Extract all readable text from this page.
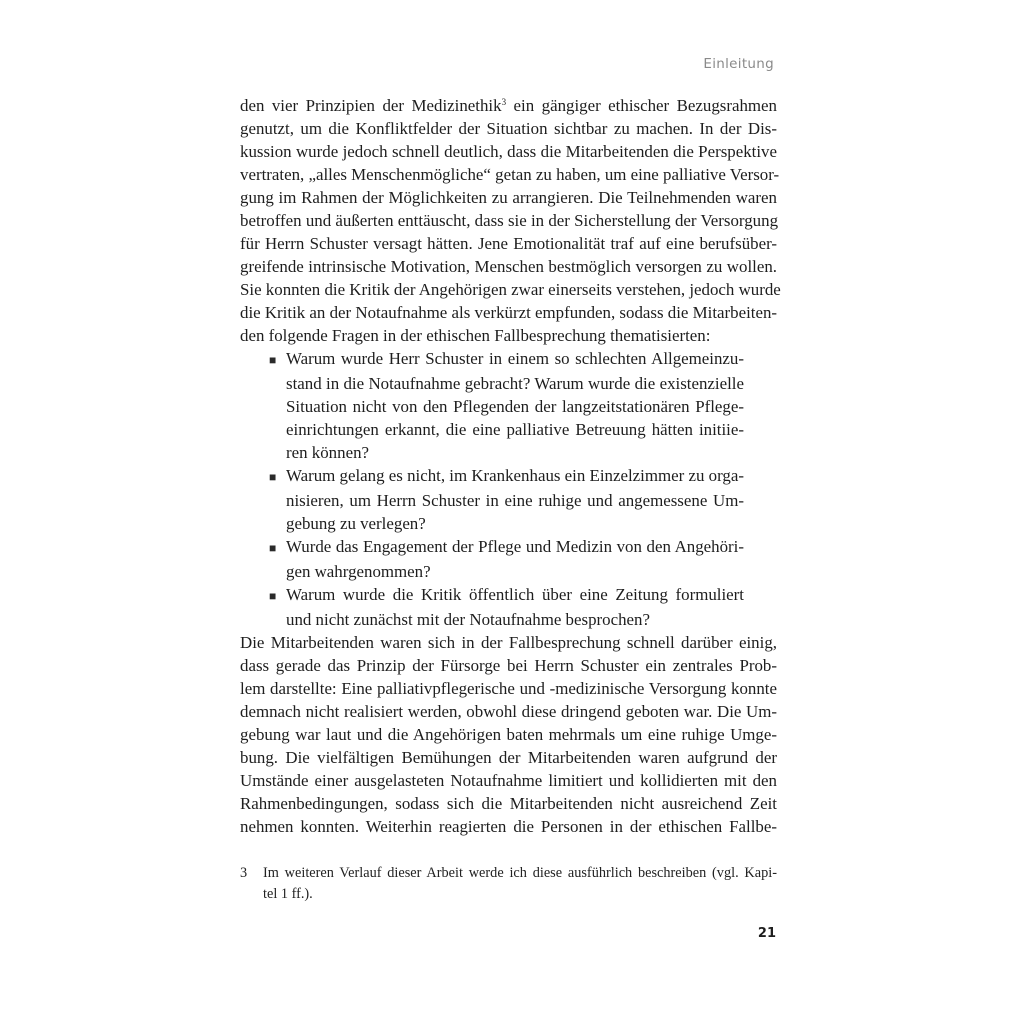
Einleitung
den vier Prinzipien der Medizinethik$^3$ ein gängiger ethischer Bezugsrahmen
genutzt, um die Konfliktfelder der Situation sichtbar zu machen. In der Dis-
kussion wurde jedoch schnell deutlich, dass die Mitarbeitenden die Perspektive
vertraten, „alles Menschenmögliche“ getan zu haben, um eine palliative Versor-
gung im Rahmen der Möglichkeiten zu arrangieren. Die Teilnehmenden waren
betroffen und äußerten enttäuscht, dass sie in der Sicherstellung der Versorgung
für Herrn Schuster versagt hätten. Jene Emotionalität traf auf eine berufsüber-
greifende intrinsische Motivation, Menschen bestmöglich versorgen zu wollen.
Sie konnten die Kritik der Angehörigen zwar einerseits verstehen, jedoch wurde
die Kritik an der Notaufnahme als verkürzt empfunden, sodass die Mitarbeiten-
den folgende Fragen in der ethischen Fallbesprechung thematisierten:
■ Warum wurde Herr Schuster in einem so schlechten Allgemeinzu-
stand in die Notaufnahme gebracht? Warum wurde die existenzielle
Situation nicht von den Pflegenden der langzeitstationären Pflege-
einrichtungen erkannt, die eine palliative Betreuung hätten initiie-
ren können?
■ Warum gelang es nicht, im Krankenhaus ein Einzelzimmer zu orga-
nisieren, um Herrn Schuster in eine ruhige und angemessene Um-
gebung zu verlegen?
■ Wurde das Engagement der Pflege und Medizin von den Angehöri-
gen wahrgenommen?
■ Warum wurde die Kritik öffentlich über eine Zeitung formuliert
und nicht zunächst mit der Notaufnahme besprochen?
Die Mitarbeitenden waren sich in der Fallbesprechung schnell darüber einig,
dass gerade das Prinzip der Fürsorge bei Herrn Schuster ein zentrales Prob-
lem darstellte: Eine palliativpflegerische und -medizinische Versorgung konnte
demnach nicht realisiert werden, obwohl diese dringend geboten war. Die Um-
gebung war laut und die Angehörigen baten mehrmals um eine ruhige Umge-
bung. Die vielfältigen Bemühungen der Mitarbeitenden waren aufgrund der
Umstände einer ausgelasteten Notaufnahme limitiert und kollidierten mit den
Rahmenbedingungen, sodass sich die Mitarbeitenden nicht ausreichend Zeit
nehmen konnten. Weiterhin reagierten die Personen in der ethischen Fallbe-
3	Im weiteren Verlauf dieser Arbeit werde ich diese ausführlich beschreiben (vgl. Kapi-
tel 1 ff.).
21
